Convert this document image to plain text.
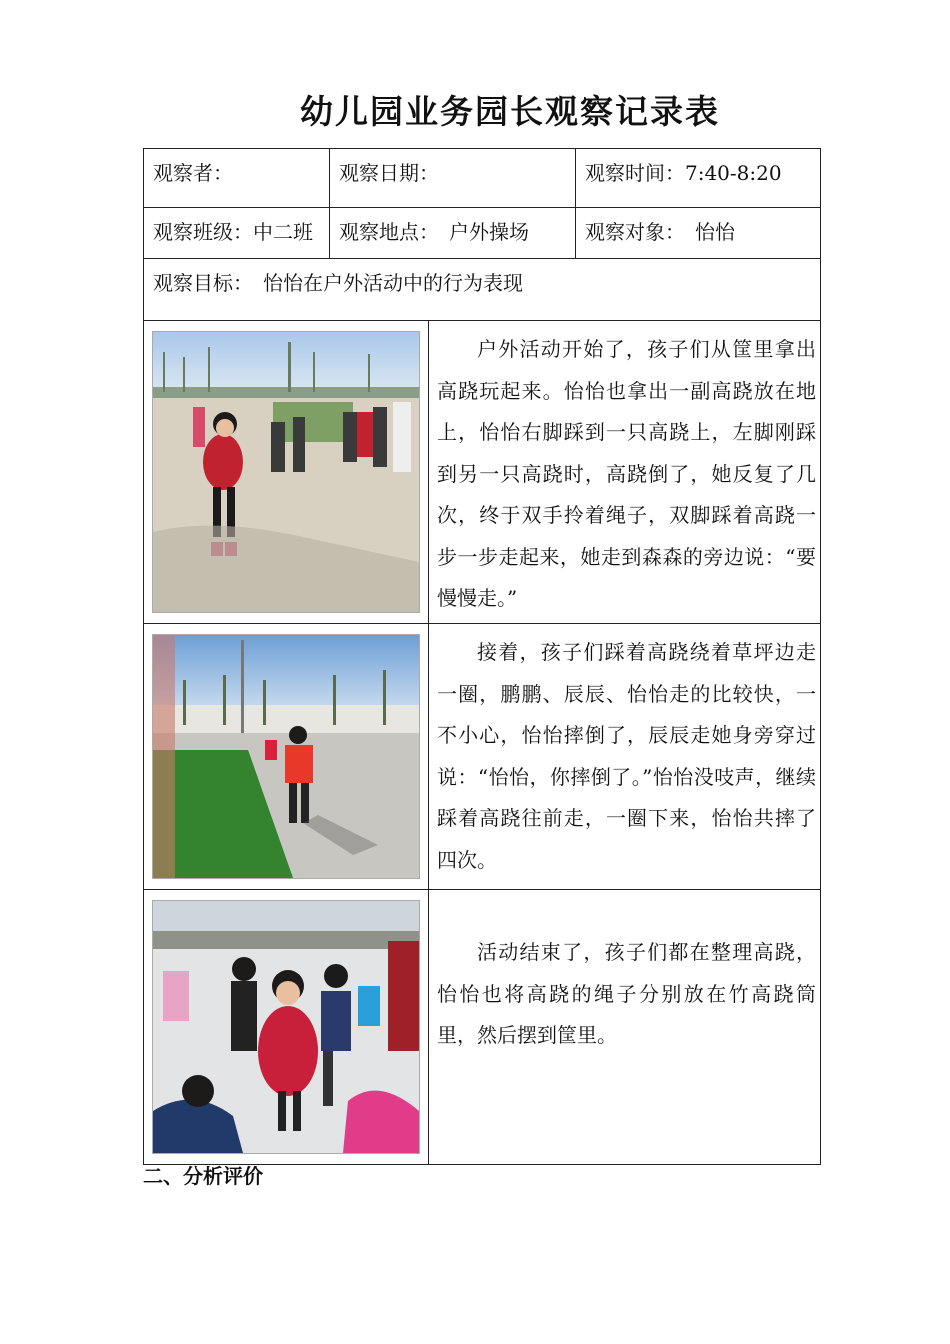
幼儿园业务园长观察记录表
观察者：	观察日期：		观察时间：7:40-8:20

观察班级：中二班	观察地点：　户外操场		观察对象：　怡怡

观察目标：　怡怡在户外活动中的行为表现			

	户外活动开始了，孩子们从筐里拿出高跷玩起来。怡怡也拿出一副高跷放在地上，怡怡右脚踩到一只高跷上，左脚刚踩到另一只高跷时，高跷倒了，她反复了几次，终于双手拎着绳子，双脚踩着高跷一步一步走起来，她走到森森的旁边说：“要慢慢走。”	

	接着，孩子们踩着高跷绕着草坪边走一圈，鹏鹏、辰辰、怡怡走的比较快，一不小心，怡怡摔倒了，辰辰走她身旁穿过说：“怡怡，你摔倒了。”怡怡没吱声，继续踩着高跷往前走，一圈下来，怡怡共摔了四次。	

	活动结束了，孩子们都在整理高跷，怡怡也将高跷的绳子分别放在竹高跷筒里，然后摆到筐里。	
二、分析评价
